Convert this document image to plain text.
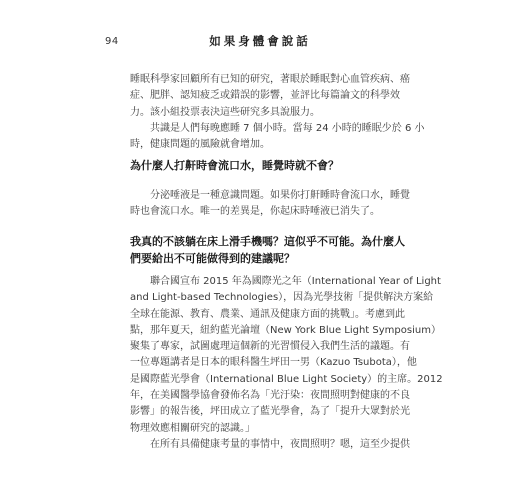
94	如果身體會說話

睡眠科學家回顧所有已知的研究，著眼於睡眠對心血管疾病、癌
症、肥胖、認知疲乏或錯誤的影響，並評比每篇論文的科學效
力。該小組投票表決這些研究多具說服力。

共識是人們每晚應睡 7 個小時。當每 24 小時的睡眠少於 6 小
時，健康問題的風險就會增加。

為什麼人打鼾時會流口水，睡覺時就不會？

分泌唾液是一種意識問題。如果你打鼾睡時會流口水，睡覺
時也會流口水。唯一的差異是，你起床時唾液已消失了。

我真的不該躺在床上滑手機嗎？這似乎不可能。為什麼人
們要給出不可能做得到的建議呢？

聯合國宣布 2015 年為國際光之年（International Year of Light
and Light-based Technologies），因為光學技術「提供解決方案給
全球在能源、教育、農業、通訊及健康方面的挑戰」。考慮到此
點，那年夏天，紐約藍光論壇（New York Blue Light Symposium）
聚集了專家，試圖處理這個新的光習慣侵入我們生活的議題。有
一位專題講者是日本的眼科醫生坪田一男（Kazuo Tsubota），他
是國際藍光學會（International Blue Light Society）的主席。2012
年，在美國醫學協會發佈名為「光汙染：夜間照明對健康的不良
影響」的報告後，坪田成立了藍光學會，為了「提升大眾對於光
物理效應相關研究的認識。」

在所有具備健康考量的事情中，夜間照明？嗯，這至少提供
